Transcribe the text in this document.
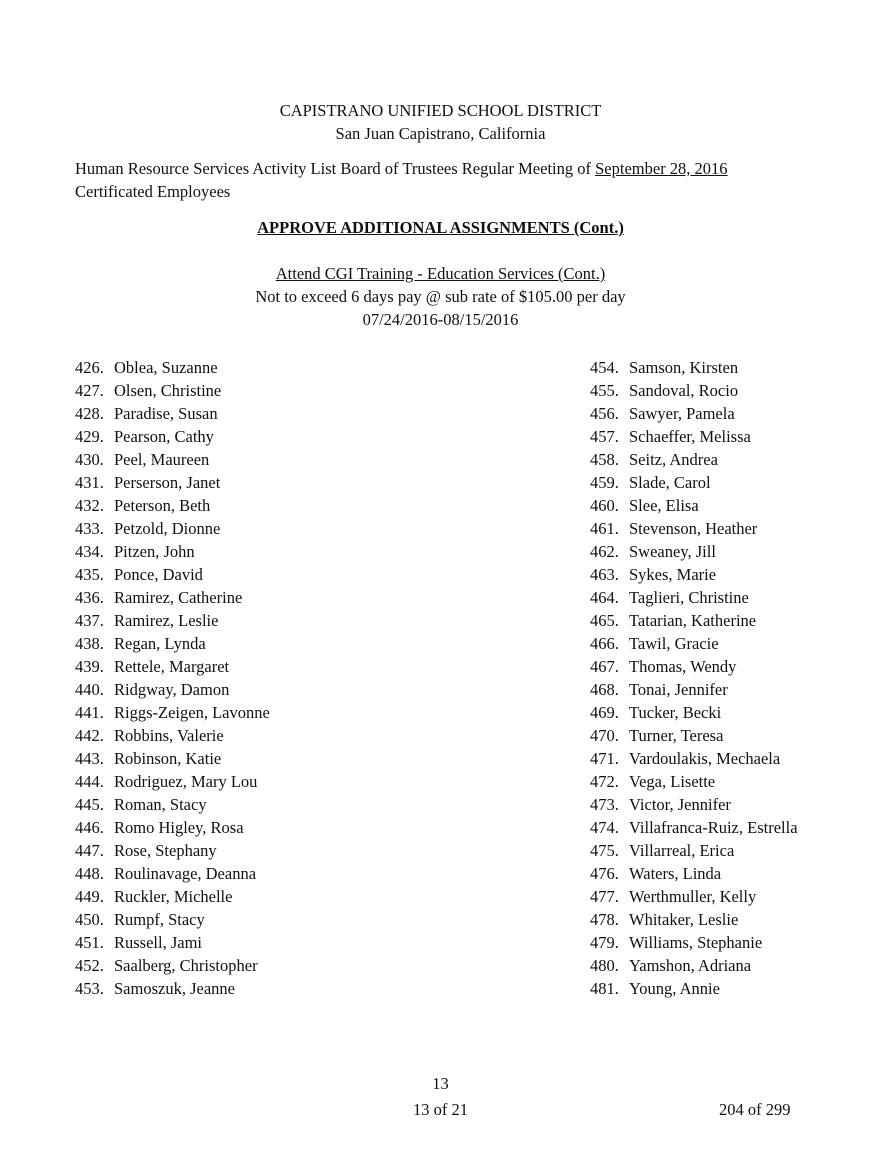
CAPISTRANO UNIFIED SCHOOL DISTRICT
San Juan Capistrano, California
Human Resource Services Activity List Board of Trustees Regular Meeting of September 28, 2016
Certificated Employees
APPROVE ADDITIONAL ASSIGNMENTS (Cont.)
Attend CGI Training - Education Services (Cont.)
Not to exceed 6 days pay @ sub rate of $105.00 per day
07/24/2016-08/15/2016
426. Oblea, Suzanne
427. Olsen, Christine
428. Paradise, Susan
429. Pearson, Cathy
430. Peel, Maureen
431. Perserson, Janet
432. Peterson, Beth
433. Petzold, Dionne
434. Pitzen, John
435. Ponce, David
436. Ramirez, Catherine
437. Ramirez, Leslie
438. Regan, Lynda
439. Rettele, Margaret
440. Ridgway, Damon
441. Riggs-Zeigen, Lavonne
442. Robbins, Valerie
443. Robinson, Katie
444. Rodriguez, Mary Lou
445. Roman, Stacy
446. Romo Higley, Rosa
447. Rose, Stephany
448. Roulinavage, Deanna
449. Ruckler, Michelle
450. Rumpf, Stacy
451. Russell, Jami
452. Saalberg, Christopher
453. Samoszuk, Jeanne
454. Samson, Kirsten
455. Sandoval, Rocio
456. Sawyer, Pamela
457. Schaeffer, Melissa
458. Seitz, Andrea
459. Slade, Carol
460. Slee, Elisa
461. Stevenson, Heather
462. Sweaney, Jill
463. Sykes, Marie
464. Taglieri, Christine
465. Tatarian, Katherine
466. Tawil, Gracie
467. Thomas, Wendy
468. Tonai, Jennifer
469. Tucker, Becki
470. Turner, Teresa
471. Vardoulakis, Mechaela
472. Vega, Lisette
473. Victor, Jennifer
474. Villafranca-Ruiz, Estrella
475. Villarreal, Erica
476. Waters, Linda
477. Werthmuller, Kelly
478. Whitaker, Leslie
479. Williams, Stephanie
480. Yamshon, Adriana
481. Young, Annie
13
13 of 21	204 of 299
